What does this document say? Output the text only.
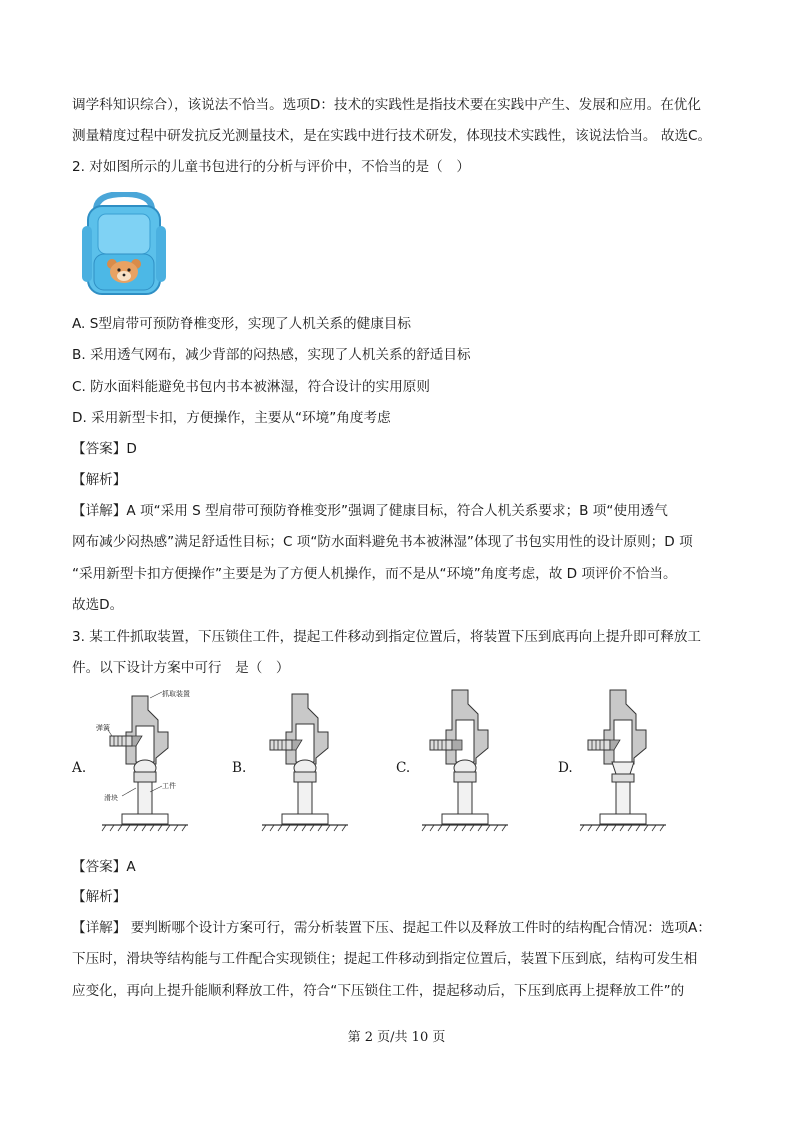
调学科知识综合），该说法不恰当。选项D：技术的实践性是指技术要在实践中产生、发展和应用。在优化
测量精度过程中研发抗反光测量技术，是在实践中进行技术研发，体现技术实践性，该说法恰当。 故选C。
2. 对如图所示的儿童书包进行的分析与评价中，不恰当的是（　）
A. S型肩带可预防脊椎变形，实现了人机关系的健康目标
B. 采用透气网布，减少背部的闷热感，实现了人机关系的舒适目标
C. 防水面料能避免书包内书本被淋湿，符合设计的实用原则
D. 采用新型卡扣，方便操作，主要从“环境”角度考虑
【答案】D
【解析】
【详解】A 项“采用 S 型肩带可预防脊椎变形”强调了健康目标，符合人机关系要求；B 项“使用透气
网布减少闷热感”满足舒适性目标；C 项“防水面料避免书本被淋湿”体现了书包实用性的设计原则；D 项
“采用新型卡扣方便操作”主要是为了方便人机操作，而不是从“环境”角度考虑，故 D 项评价不恰当。
故选D。
3. 某工件抓取装置，下压锁住工件，提起工件移动到指定位置后，将装置下压到底再向上提升即可释放工
件。以下设计方案中可行　是（　）
A.
抓取装置
弹簧
滑块
工件
B.	C.	D.
【答案】A
【解析】
【详解】 要判断哪个设计方案可行，需分析装置下压、提起工件以及释放工件时的结构配合情况：选项A：
下压时，滑块等结构能与工件配合实现锁住；提起工件移动到指定位置后，装置下压到底，结构可发生相
应变化，再向上提升能顺利释放工件，符合“下压锁住工件，提起移动后，下压到底再上提释放工件”的
第 2 页/共 10 页
